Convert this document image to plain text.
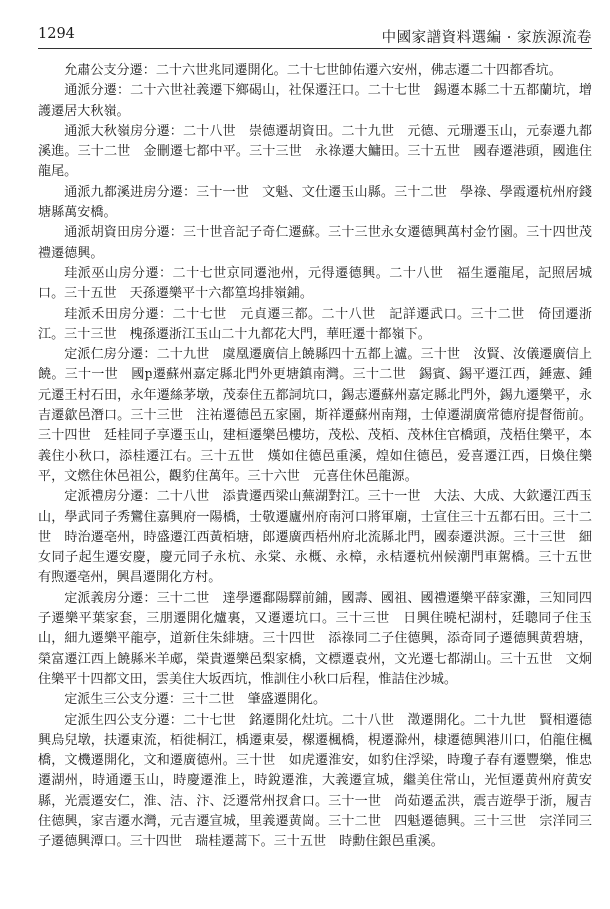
1294	中國家譜資料選編 · 家族源流卷

允肅公支分遷：二十六世兆同遷開化。二十七世帥佑遷六安州，佛志遷二十四都香坑。

通派分遷：二十六世社義遷下鄉碣山，社保遷汪口。二十七世　錫遷本縣二十五都蘭坑，增護遷居大秋嶺。

通派大秋嶺房分遷：二十八世　崇德遷胡資田。二十九世　元德、元珊遷玉山，元泰遷九都溪進。三十二世　金刪遷七都中平。三十三世　永祿遷大鱅田。三十五世　國春遷港頭，國進住龍尾。

通派九都溪进房分遷：三十一世　文魁、文仕遷玉山縣。三十二世　學祿、學霞遷杭州府錢塘縣萬安橋。

通派胡資田房分遷：三十世音記子奇仁遷蘇。三十三世永女遷德興萬村金竹園。三十四世茂禮遷德興。

珪派巫山房分遷：二十七世京同遷池州，元得遷德興。二十八世　福生遷龍尾，記照居城口。三十五世　天孫遷樂平十六都篁坞排嶺鋪。

珪派禾田房分遷：二十七世　元貞遷三都。二十八世　記詳遷武口。三十二世　倚団遷浙江。三十三世　槐孫遷浙江玉山二十九都花大門，華旺遷十都嶺下。

定派仁房分遷：二十九世　虞凰遷廣信上饒縣四十五都上瀘。三十世　汝賢、汝儀遷廣信上饒。三十一世　國բ遷蘇州嘉定縣北門外更塘鎮南灣。三十二世　錫賓、錫平遷江西，錘憲、鍾元遷王村石田，永年遷絲茅墩，茂泰住五都詞坑口，錫志遷蘇州嘉定縣北門外，錫九遷樂平，永吉遷歙邑潛口。三十三世　注祐遷德邑五家園，斯祥遷蘇州南翔，士倬遷湖廣常德府提督衙前。三十四世　廷桂同子享遷玉山，建桓遷樂邑樓坊，茂松、茂栢、茂林住官橋頭，茂梧住樂平，本義住小秋口，添桂遷江右。三十五世　熯如住德邑重溪，煌如住德邑，爱喜遷江西，日煥住樂平，文燃住休邑祖公，觀豹住萬年。三十六世　元喜住休邑龍源。

定派禮房分遷：二十八世　添貴遷西梁山蕪湖對江。三十一世　大法、大成、大欽遷江西玉山，學武同子秀鸞住嘉興府一陽橋，士敬遷廬州府南河口將軍廟，士宣住三十五都石田。三十二世　時治遷亳州，時盛遷江西黃栢塘，郎遷廣西梧州府北流縣北門，國泰遷洪源。三十三世　細女同子起生遷安慶，慶元同子永杭、永棠、永概、永樟，永桔遷杭州候潮門車駕橋。三十五世　有煦遷亳州，興昌遷開化方村。

定派義房分遷：三十二世　達學遷鄱陽驛前鋪，國壽、國祖、國禮遷樂平薛家灘，三知同四子遷樂平葉家套，三朋遷開化爐裏，又遷遷坑口。三十三世　日興住曉杞湖村，廷聰同子住玉山，細九遷樂平龍亭，道新住朱緋塘。三十四世　添祿同二子住德興，添奇同子遷德興黄碧塘，榮富遷江西上饒縣米羊郕，榮貴遷樂邑梨家橋，文標遷袁州，文光遷七都湖山。三十五世　文炯住樂平十四都文田，雲美住大坂西坑，惟訓住小秋口后程，惟詰住沙城。

定派生三公支分遷：三十二世　肇盛遷開化。

定派生四公支分遷：二十七世　銘遷開化灶坑。二十八世　澂遷開化。二十九世　賢相遷德興烏兒墩，扶遷東流，栢徙桐江，楀遷東晏，樏遷楓橋，梘遷滁州，棣遷德興港川口，伯龍住楓橋，文機遷開化，文和遷廣德州。三十世　如虎遷淮安，如豹住浮梁，時瓊子春有遷豐樂，惟忠遷湖州，時通遷玉山，時慶遷淮上，時銳遷淮，大義遷宣城，繼美住常山，光恒遷黄州府黄安縣，光震遷安仁，淮、洁、汴、泛遷常州扠倉口。三十一世　尚茹遷孟洪，震吉遊學于浙，履吉住德興，家吉遷水灣，元吉遷宣城，里義遷黄崗。三十二世　四魁遷德興。三十三世　宗洋同三子遷德興潭口。三十四世　瑞桂遷蒿下。三十五世　時勳住銀邑重溪。
